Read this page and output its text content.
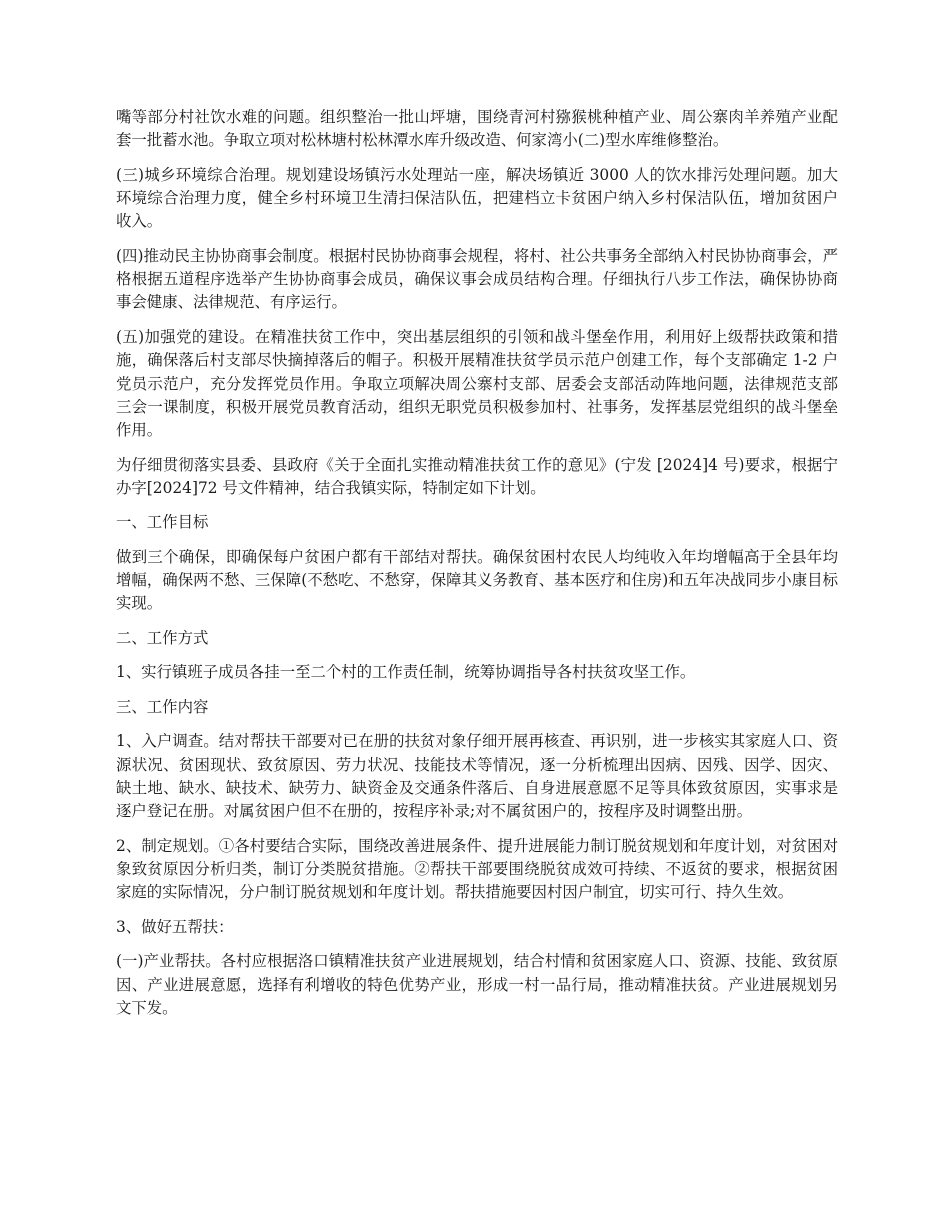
嘴等部分村社饮水难的问题。组织整治一批山坪塘，围绕青河村猕猴桃种植产业、周公寨肉羊养殖产业配套一批蓄水池。争取立项对松林塘村松林潭水库升级改造、何家湾小(二)型水库维修整治。

(三)城乡环境综合治理。规划建设场镇污水处理站一座，解决场镇近 3000 人的饮水排污处理问题。加大环境综合治理力度，健全乡村环境卫生清扫保洁队伍，把建档立卡贫困户纳入乡村保洁队伍，增加贫困户收入。

(四)推动民主协协商事会制度。根据村民协协商事会规程，将村、社公共事务全部纳入村民协协商事会，严格根据五道程序选举产生协协商事会成员，确保议事会成员结构合理。仔细执行八步工作法，确保协协商事会健康、法律规范、有序运行。

(五)加强党的建设。在精准扶贫工作中，突出基层组织的引领和战斗堡垒作用，利用好上级帮扶政策和措施，确保落后村支部尽快摘掉落后的帽子。积极开展精准扶贫学员示范户创建工作，每个支部确定 1-2 户党员示范户，充分发挥党员作用。争取立项解决周公寨村支部、居委会支部活动阵地问题，法律规范支部三会一课制度，积极开展党员教育活动，组织无职党员积极参加村、社事务，发挥基层党组织的战斗堡垒作用。

为仔细贯彻落实县委、县政府《关于全面扎实推动精准扶贫工作的意见》(宁发 [2024]4 号)要求，根据宁办字[2024]72 号文件精神，结合我镇实际，特制定如下计划。

一、工作目标

做到三个确保，即确保每户贫困户都有干部结对帮扶。确保贫困村农民人均纯收入年均增幅高于全县年均增幅，确保两不愁、三保障(不愁吃、不愁穿，保障其义务教育、基本医疗和住房)和五年决战同步小康目标实现。

二、工作方式

1、实行镇班子成员各挂一至二个村的工作责任制，统筹协调指导各村扶贫攻坚工作。

三、工作内容

1、入户调查。结对帮扶干部要对已在册的扶贫对象仔细开展再核查、再识别，进一步核实其家庭人口、资源状况、贫困现状、致贫原因、劳力状况、技能技术等情况，逐一分析梳理出因病、因残、因学、因灾、缺土地、缺水、缺技术、缺劳力、缺资金及交通条件落后、自身进展意愿不足等具体致贫原因，实事求是逐户登记在册。对属贫困户但不在册的，按程序补录;对不属贫困户的，按程序及时调整出册。

2、制定规划。①各村要结合实际，围绕改善进展条件、提升进展能力制订脱贫规划和年度计划，对贫困对象致贫原因分析归类，制订分类脱贫措施。②帮扶干部要围绕脱贫成效可持续、不返贫的要求，根据贫困家庭的实际情况，分户制订脱贫规划和年度计划。帮扶措施要因村因户制宜，切实可行、持久生效。

3、做好五帮扶：

(一)产业帮扶。各村应根据洛口镇精准扶贫产业进展规划，结合村情和贫困家庭人口、资源、技能、致贫原因、产业进展意愿，选择有利增收的特色优势产业，形成一村一品行局，推动精准扶贫。产业进展规划另文下发。
